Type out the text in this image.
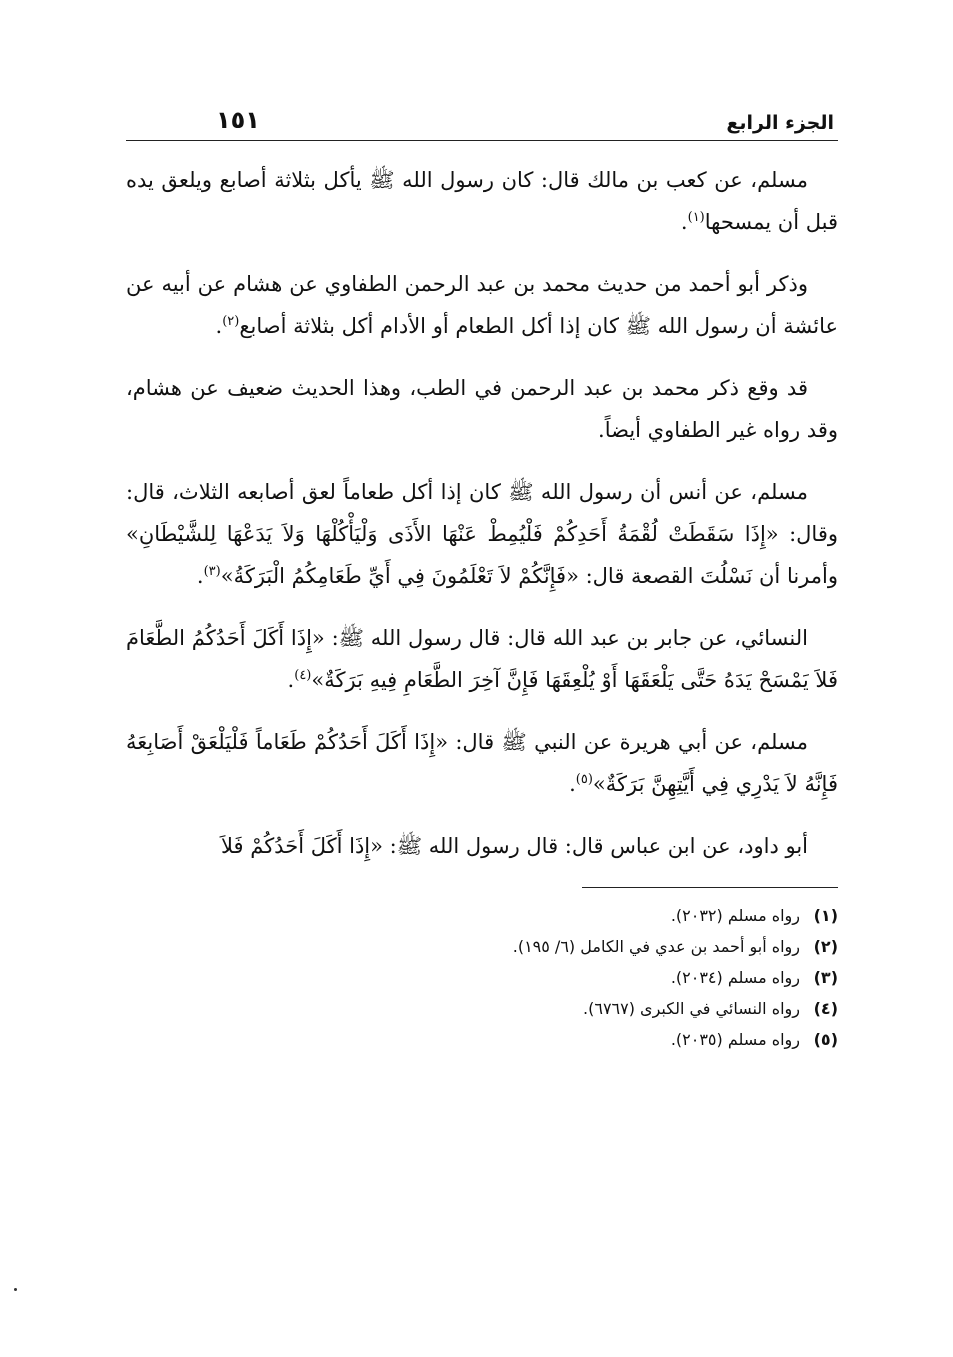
الجزء الرابع
١٥١

مسلم، عن كعب بن مالك قال: كان رسول الله ﷺ يأكل بثلاثة أصابع ويلعق يده قبل أن يمسحها$^{(١)}$.

وذكر أبو أحمد من حديث محمد بن عبد الرحمن الطفاوي عن هشام عن أبيه عن عائشة أن رسول الله ﷺ كان إذا أكل الطعام أو الأدام أكل بثلاثة أصابع$^{(٢)}$.

قد وقع ذكر محمد بن عبد الرحمن في الطب، وهذا الحديث ضعيف عن هشام، وقد رواه غير الطفاوي أيضاً.

مسلم، عن أنس أن رسول الله ﷺ كان إذا أكل طعاماً لعق أصابعه الثلاث، قال: وقال: «إِذَا سَقَطَتْ لُقْمَةُ أَحَدِكُمْ فَلْيُمِطْ عَنْهَا الأَذَى وَلْيَأْكُلْهَا وَلاَ يَدَعْهَا لِلشَّيْطَانِ» وأمرنا أن نَسْلُتَ القصعة قال: «فَإِنَّكُمْ لاَ تَعْلَمُونَ فِي أَيِّ طَعَامِكُمُ الْبَرَكَةُ»$^{(٣)}$.

النسائي، عن جابر بن عبد الله قال: قال رسول الله ﷺ: «إِذَا أَكَلَ أَحَدُكُمُ الطَّعَامَ فَلاَ يَمْسَحْ يَدَهُ حَتَّى يَلْعَقَهَا أَوْ يُلْعِقَهَا فَإِنَّ آخِرَ الطَّعَامِ فِيهِ بَرَكَةٌ»$^{(٤)}$.

مسلم، عن أبي هريرة عن النبي ﷺ قال: «إِذَا أَكَلَ أَحَدُكُمْ طَعَاماً فَلْيَلْعَقْ أَصَابِعَهُ فَإِنَّهُ لاَ يَدْرِي فِي أَيَّتِهِنَّ بَرَكَةٌ»$^{(٥)}$.

أبو داود، عن ابن عباس قال: قال رسول الله ﷺ: «إِذَا أَكَلَ أَحَدُكُمْ فَلاَ

(١)
رواه مسلم (٢٠٣٢).
(٢)
رواه أبو أحمد بن عدي في الكامل (٦/ ١٩٥).
(٣)
رواه مسلم (٢٠٣٤).
(٤)
رواه النسائي في الكبرى (٦٧٦٧).
(٥)
رواه مسلم (٢٠٣٥).
